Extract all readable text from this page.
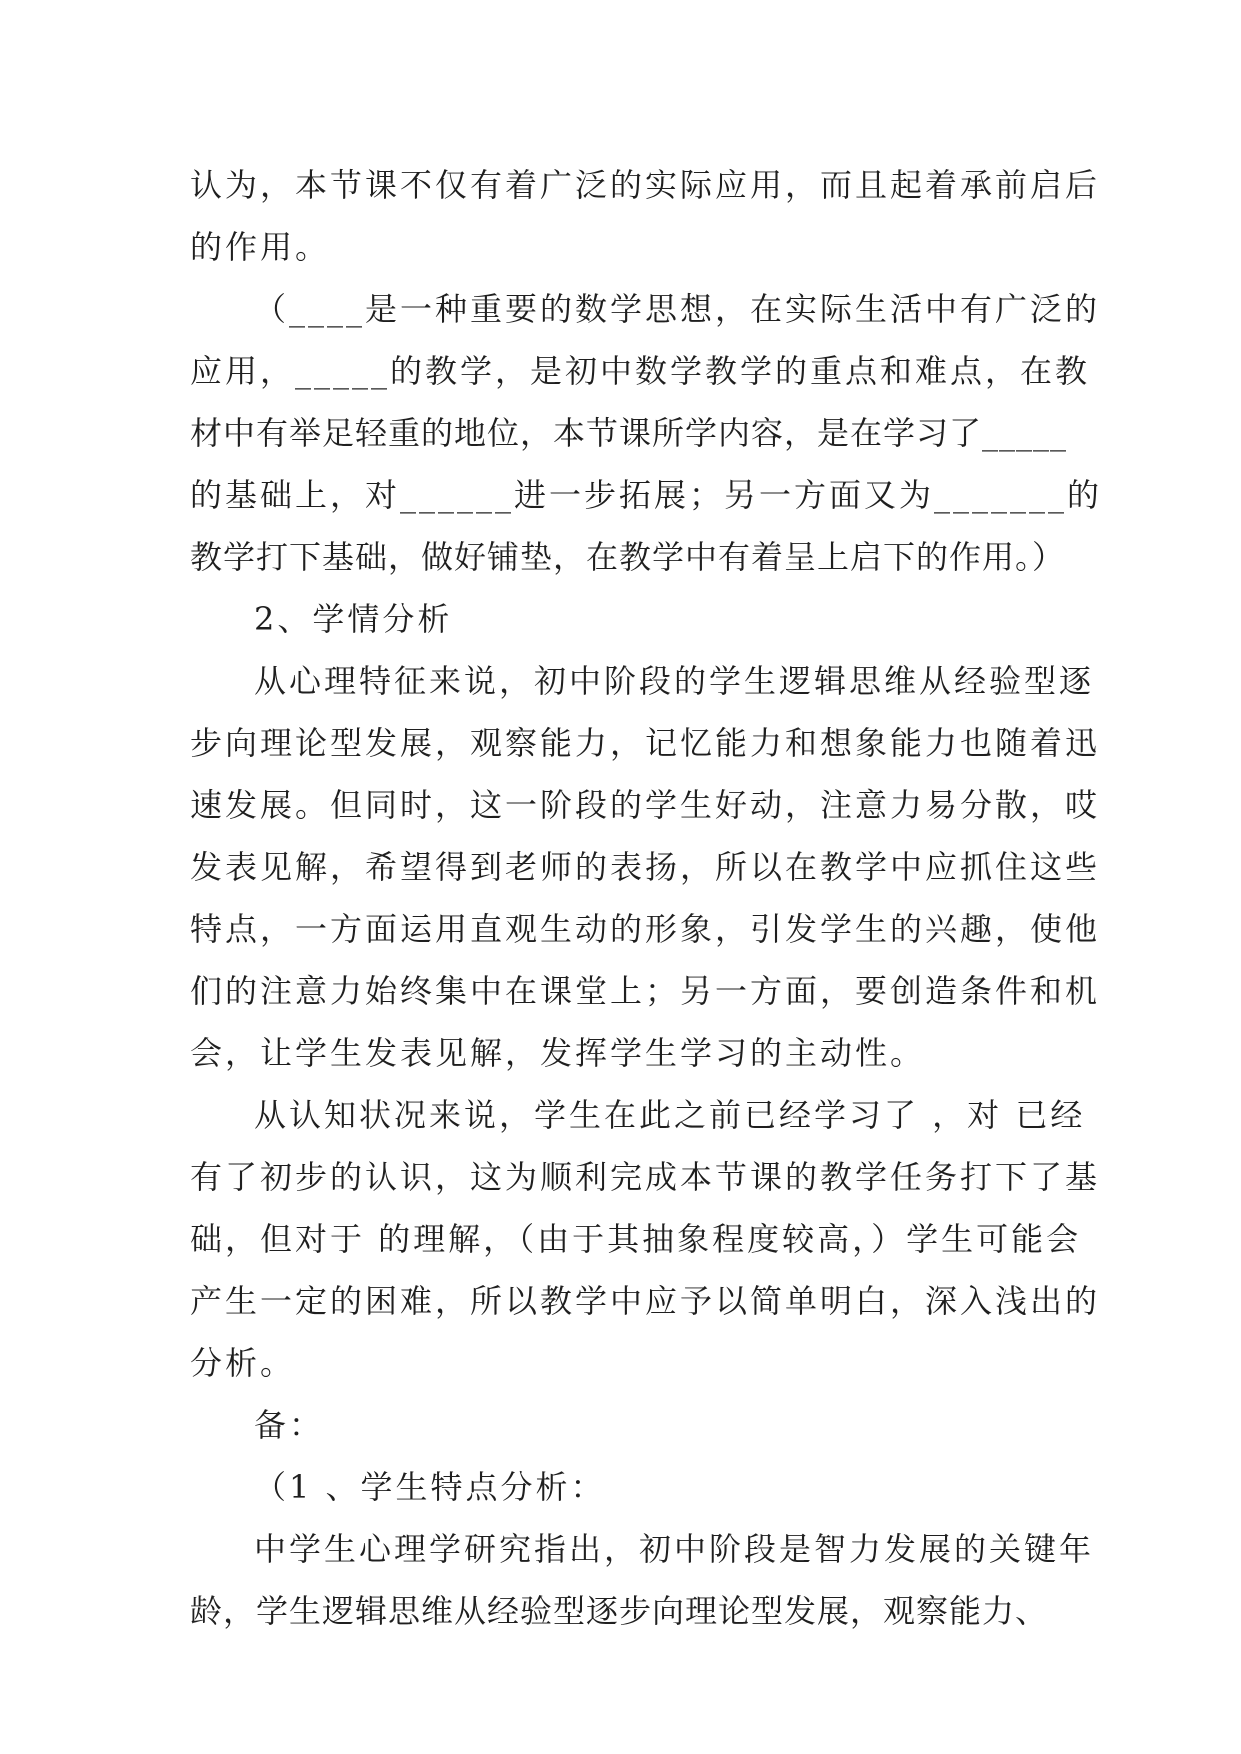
认为，本节课不仅有着广泛的实际应用，而且起着承前启后
的作用。
（____是一种重要的数学思想，在实际生活中有广泛的
应用，_____的教学，是初中数学教学的重点和难点，在教
材中有举足轻重的地位，本节课所学内容，是在学习了_____
的基础上，对______进一步拓展；另一方面又为_______的
教学打下基础，做好铺垫，在教学中有着呈上启下的作用。）
2、学情分析
从心理特征来说，初中阶段的学生逻辑思维从经验型逐
步向理论型发展，观察能力，记忆能力和想象能力也随着迅
速发展。但同时，这一阶段的学生好动，注意力易分散，哎
发表见解，希望得到老师的表扬，所以在教学中应抓住这些
特点，一方面运用直观生动的形象，引发学生的兴趣，使他
们的注意力始终集中在课堂上；另一方面，要创造条件和机
会，让学生发表见解，发挥学生学习的主动性。
从认知状况来说，学生在此之前已经学习了 ，对 已经
有了初步的认识，这为顺利完成本节课的教学任务打下了基
础，但对于 的理解，（由于其抽象程度较高，）学生可能会
产生一定的困难，所以教学中应予以简单明白，深入浅出的
分析。
备：
（1 、学生特点分析：
中学生心理学研究指出，初中阶段是智力发展的关键年
龄，学生逻辑思维从经验型逐步向理论型发展，观察能力、
